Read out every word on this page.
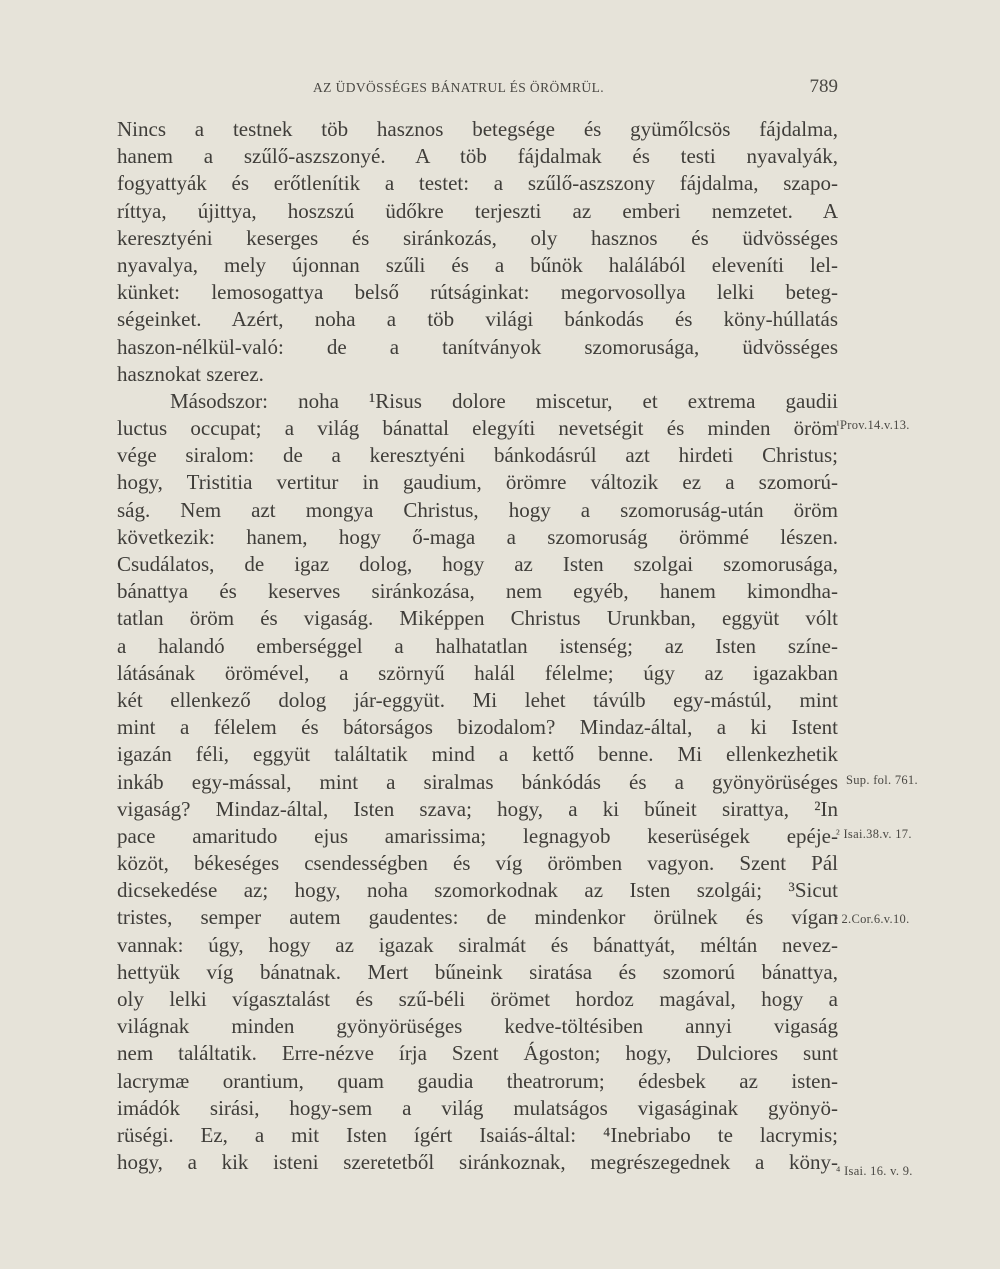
AZ ÜDVÖSSÉGES BÁNATRUL ÉS ÖRÖMRÜL.	789
Nincs a testnek töb hasznos betegsége és gyümőlcsös fájdalma,
hanem a szűlő-aszszonyé. A töb fájdalmak és testi nyavalyák,
fogyattyák és erőtlenítik a testet: a szűlő-aszszony fájdalma, szapo-
ríttya, újittya, hoszszú üdőkre terjeszti az emberi nemzetet. A
keresztyéni keserges és siránkozás, oly hasznos és üdvösséges
nyavalya, mely újonnan szűli és a bűnök halálából eleveníti lel-
künket: lemosogattya belső rútságinkat: megorvosollya lelki beteg-
ségeinket. Azért, noha a töb világi bánkodás és köny-húllatás
haszon-nélkül-való: de a tanítványok szomorusága, üdvösséges
hasznokat szerez.
Másodszor: noha ¹Risus dolore miscetur, et extrema gaudii
luctus occupat; a világ bánattal elegyíti nevetségit és minden öröm
vége siralom: de a keresztyéni bánkodásrúl azt hirdeti Christus;
hogy, Tristitia vertitur in gaudium, örömre változik ez a szomorú-
ság. Nem azt mongya Christus, hogy a szomoruság-után öröm
következik: hanem, hogy ő-maga a szomoruság örömmé lészen.
Csudálatos, de igaz dolog, hogy az Isten szolgai szomorusága,
bánattya és keserves siránkozása, nem egyéb, hanem kimondha-
tatlan öröm és vigaság. Miképpen Christus Urunkban, eggyüt vólt
a halandó emberséggel a halhatatlan istenség; az Isten színe-
látásának örömével, a szörnyű halál félelme; úgy az igazakban
két ellenkező dolog jár-eggyüt. Mi lehet távúlb egy-mástúl, mint
mint a félelem és bátorságos bizodalom? Mindaz-által, a ki Istent
igazán féli, eggyüt találtatik mind a kettő benne. Mi ellenkezhetik
inkáb egy-mással, mint a siralmas bánkódás és a gyönyörüséges
vigaság? Mindaz-által, Isten szava; hogy, a ki bűneit sirattya, ²In
pace amaritudo ejus amarissima; legnagyob keserüségek epéje-
közöt, békeséges csendességben és víg örömben vagyon. Szent Pál
dicsekedése az; hogy, noha szomorkodnak az Isten szolgái; ³Sicut
tristes, semper autem gaudentes: de mindenkor örülnek és vígan
vannak: úgy, hogy az igazak siralmát és bánattyát, méltán nevez-
hettyük víg bánatnak. Mert bűneink siratása és szomorú bánattya,
oly lelki vígasztalást és szű-béli örömet hordoz magával, hogy a
világnak minden gyönyörüséges kedve-töltésiben annyi vigaság
nem találtatik. Erre-nézve írja Szent Ágoston; hogy, Dulciores sunt
lacrymæ orantium, quam gaudia theatrorum; édesbek az isten-
imádók sirási, hogy-sem a világ mulatságos vigaságinak gyönyö-
rüségi. Ez, a mit Isten ígért Isaiás-által: ⁴Inebriabo te lacrymis;
hogy, a kik isteni szeretetből siránkoznak, megrészegednek a köny-
¹Prov.14.v.13.
Sup. fol. 761.
² Isai.38.v. 17.
³ 2.Cor.6.v.10.
⁴ Isai. 16. v. 9.
